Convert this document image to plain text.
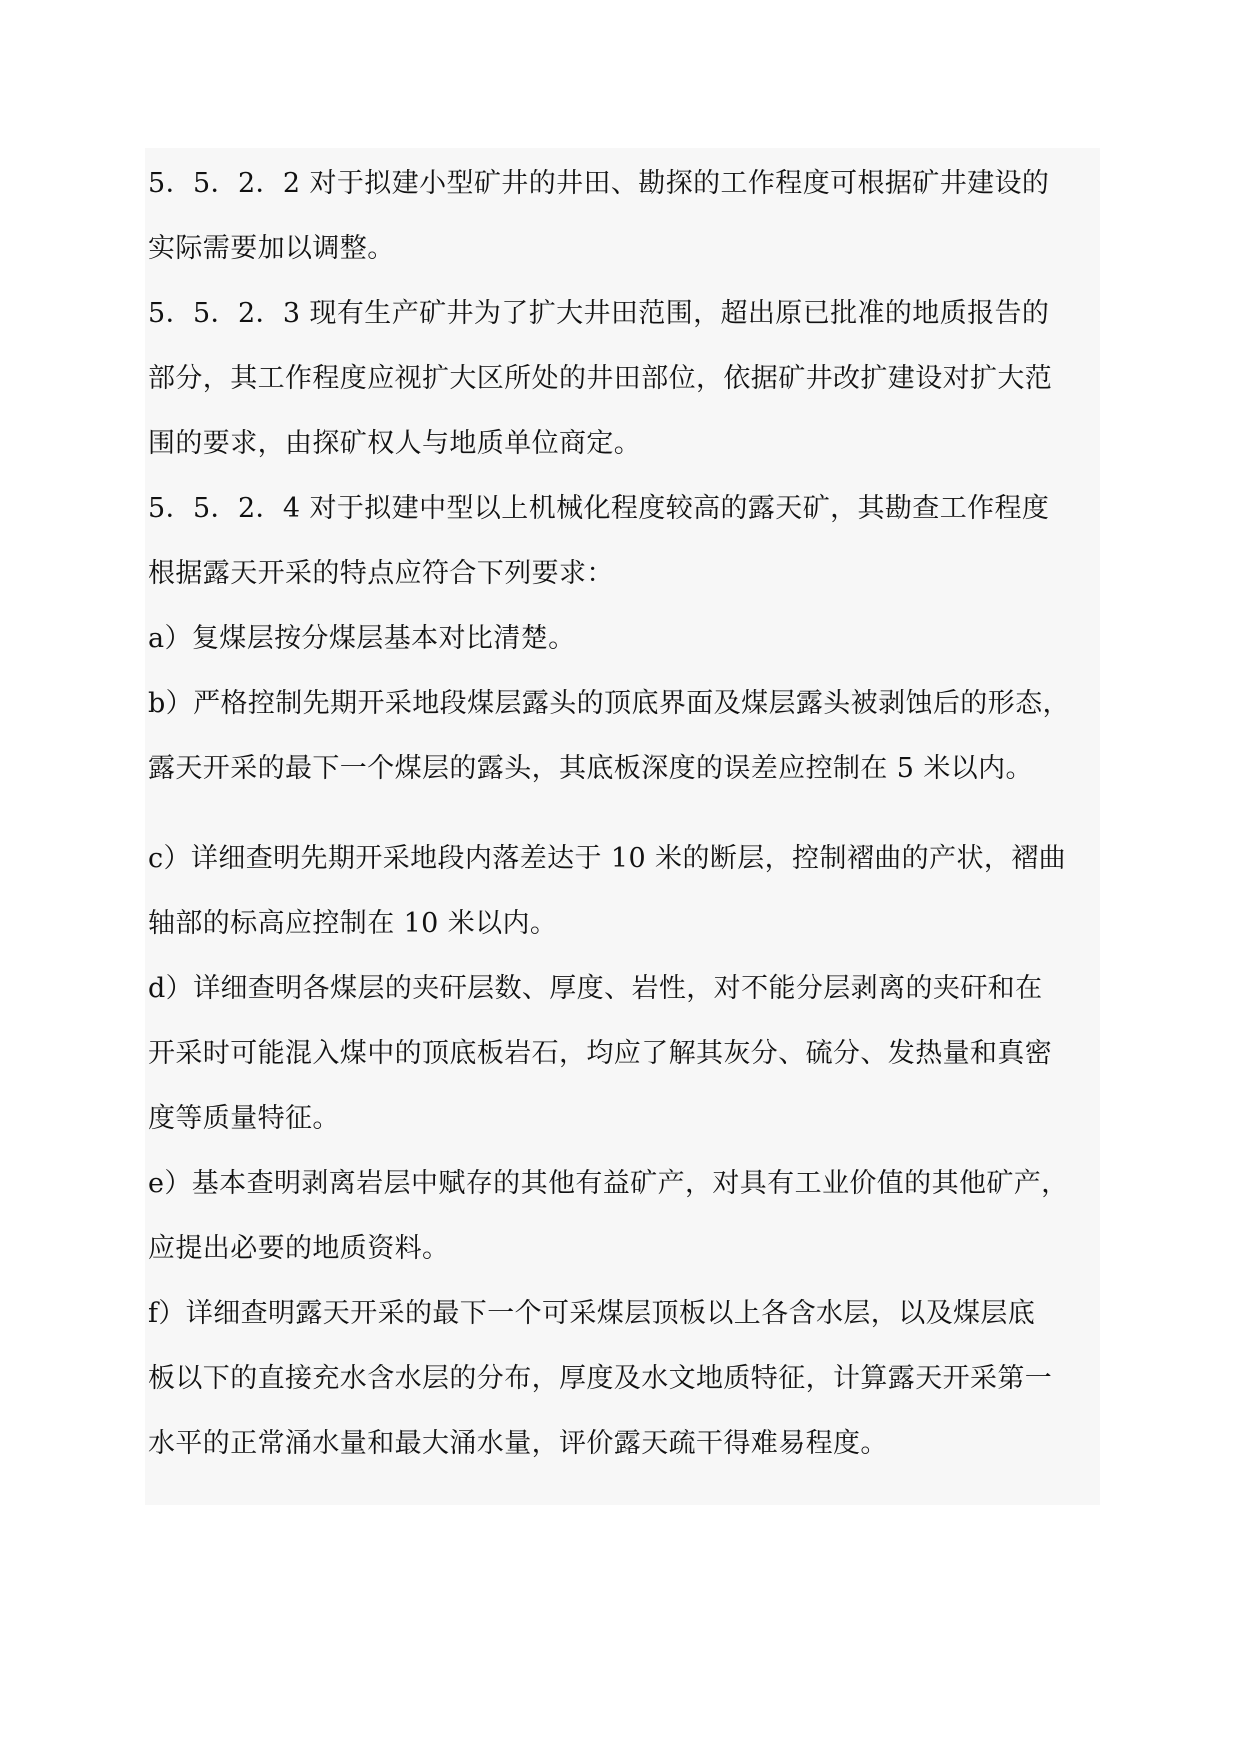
5．5．2．2 对于拟建小型矿井的井田、勘探的工作程度可根据矿井建设的

实际需要加以调整。

5．5．2．3 现有生产矿井为了扩大井田范围，超出原已批准的地质报告的

部分，其工作程度应视扩大区所处的井田部位，依据矿井改扩建设对扩大范

围的要求，由探矿权人与地质单位商定。

5．5．2．4 对于拟建中型以上机械化程度较高的露天矿，其勘查工作程度

根据露天开采的特点应符合下列要求：

a）复煤层按分煤层基本对比清楚。

b）严格控制先期开采地段煤层露头的顶底界面及煤层露头被剥蚀后的形态，

露天开采的最下一个煤层的露头，其底板深度的误差应控制在 5 米以内。

c）详细查明先期开采地段内落差达于 10 米的断层，控制褶曲的产状，褶曲

轴部的标高应控制在 10 米以内。

d）详细查明各煤层的夹矸层数、厚度、岩性，对不能分层剥离的夹矸和在

开采时可能混入煤中的顶底板岩石，均应了解其灰分、硫分、发热量和真密

度等质量特征。

e）基本查明剥离岩层中赋存的其他有益矿产，对具有工业价值的其他矿产，

应提出必要的地质资料。

f）详细查明露天开采的最下一个可采煤层顶板以上各含水层，以及煤层底

板以下的直接充水含水层的分布，厚度及水文地质特征，计算露天开采第一

水平的正常涌水量和最大涌水量，评价露天疏干得难易程度。
